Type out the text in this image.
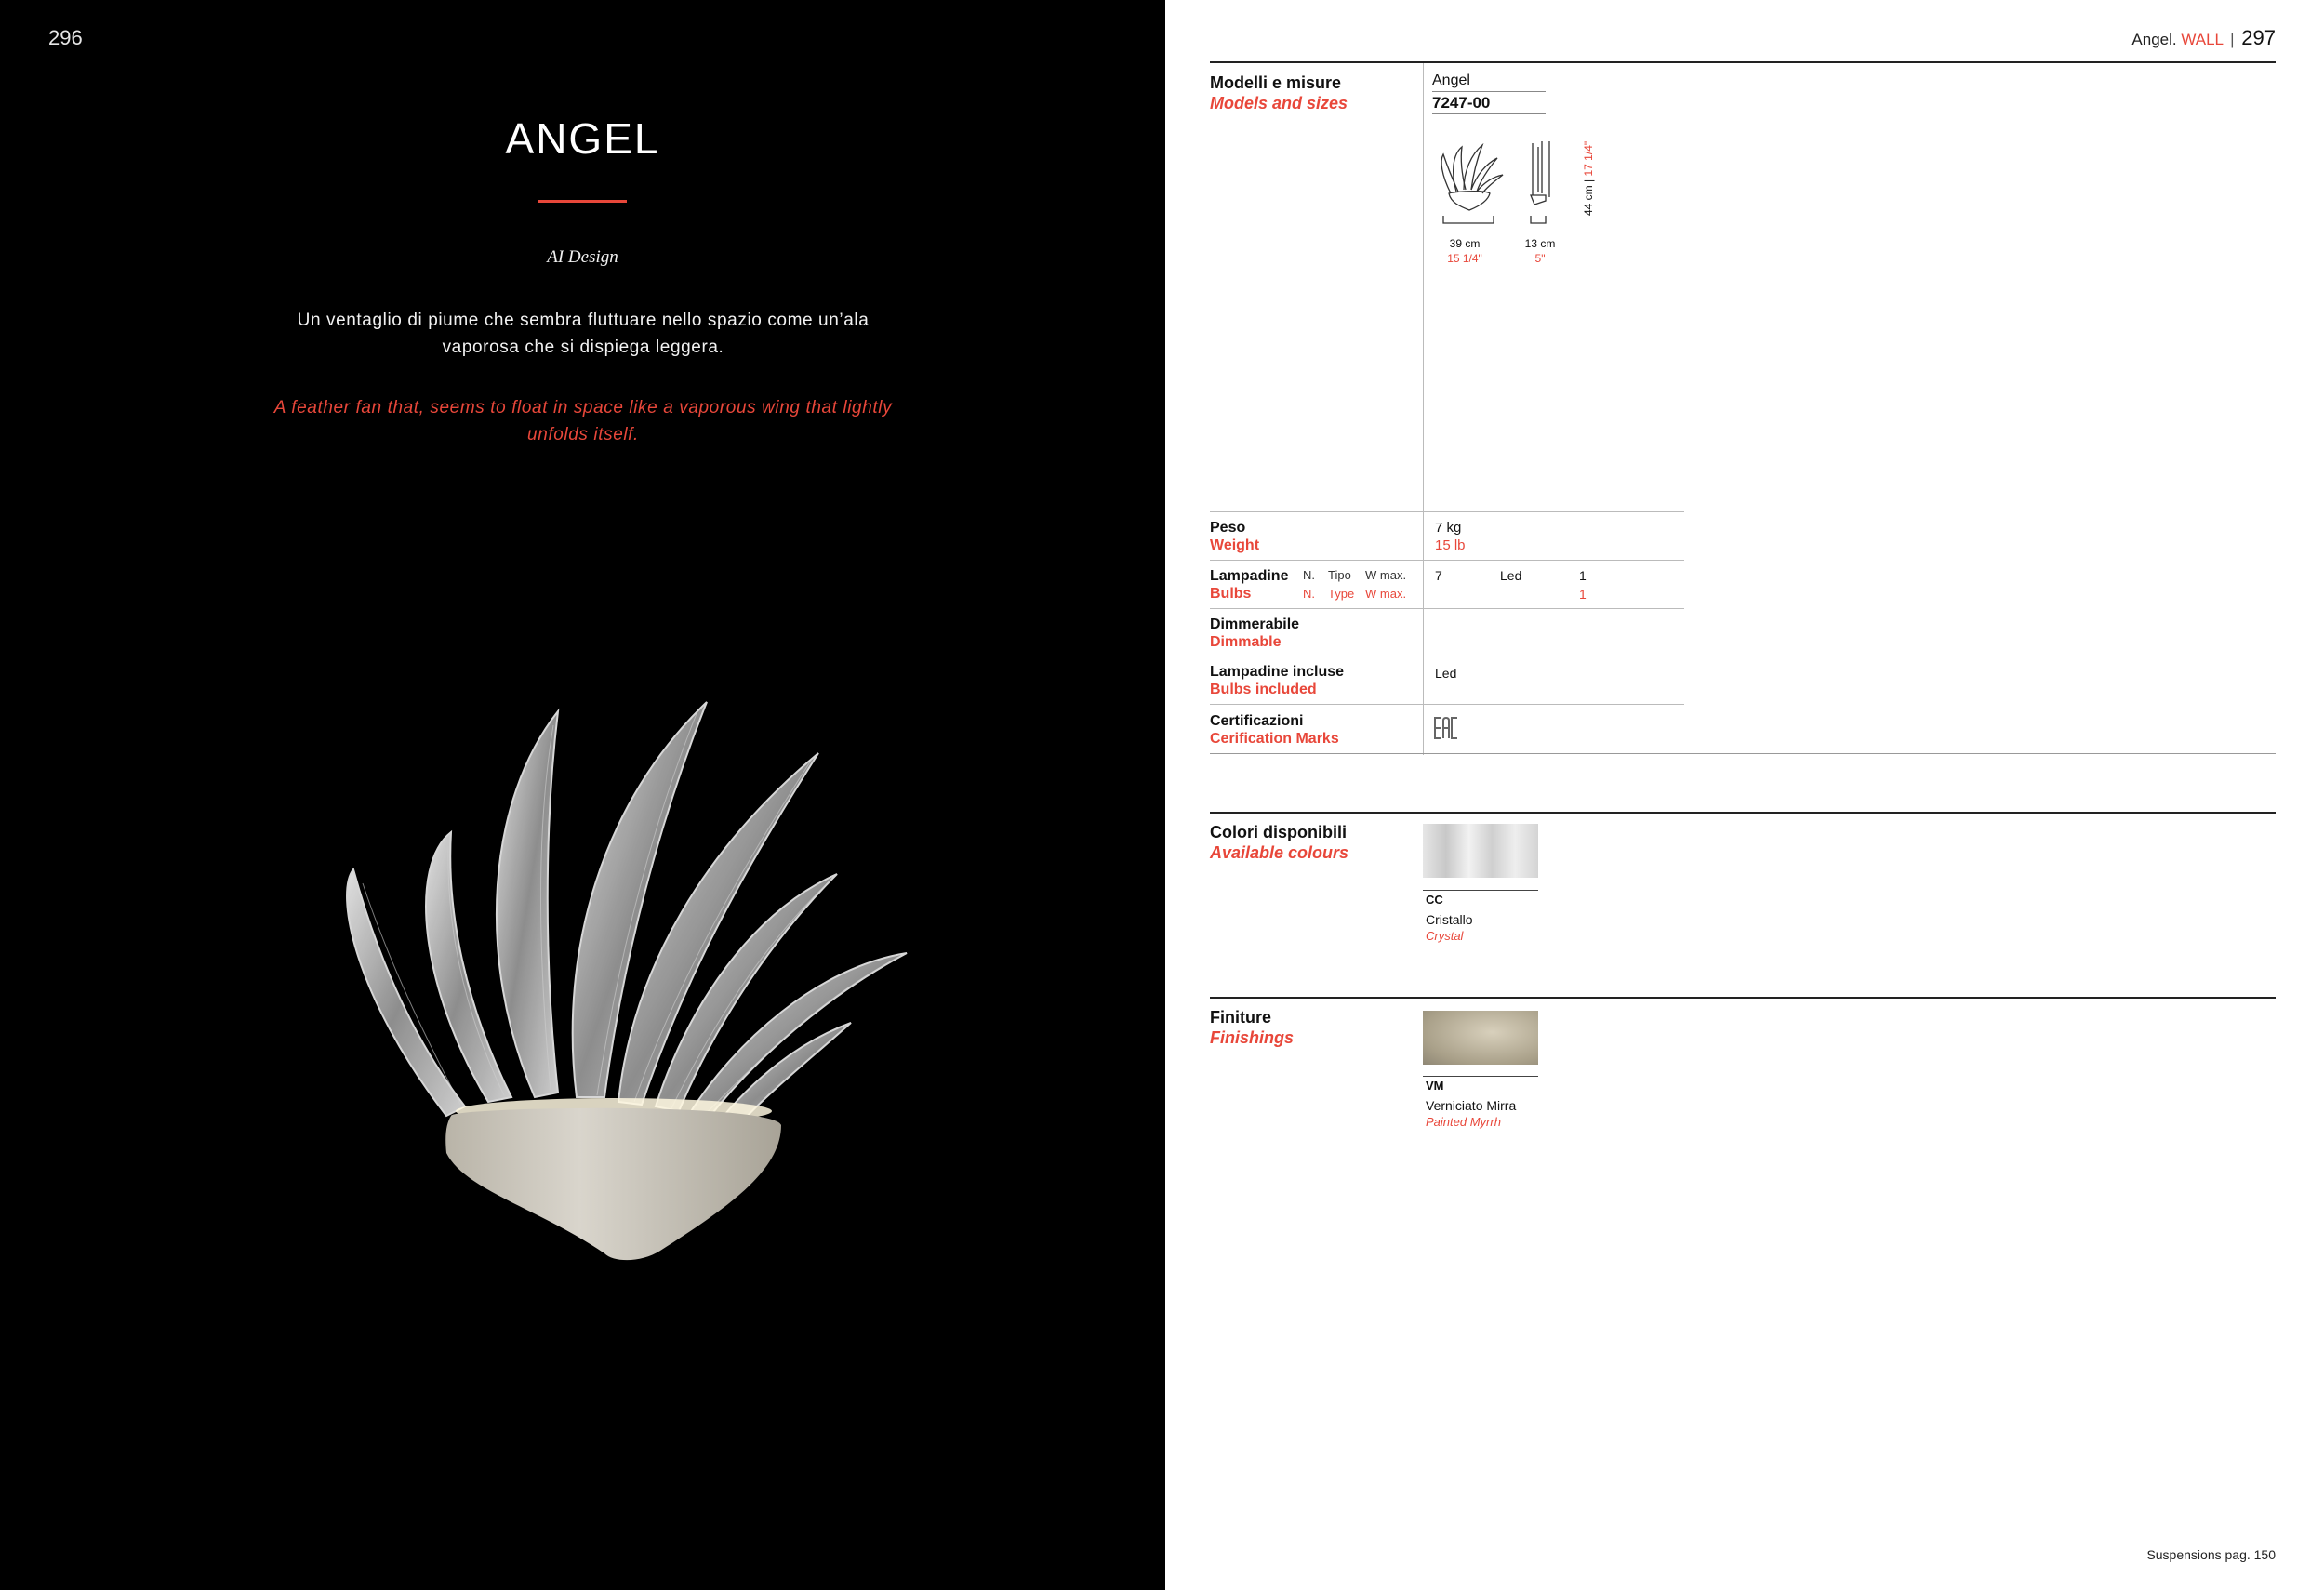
296
ANGEL
AI Design

Un ventaglio di piume che sembra fluttuare nello spazio come un’ala vaporosa che si dispiega leggera.

A feather fan that, seems to float in space like a vaporous wing that lightly unfolds itself.

Angel. WALL | 297
Modelli e misure
Models and sizes
Angel
7247-00
39 cm
15 1/4"
13 cm
5"
44 cm | 17 1/4"
Peso
Weight
7 kg
15 lb
Lampadine
Bulbs
N.
N.
Tipo
Type
W max.
W max.
7	Led	1
1
Dimmerabile
Dimmable
Lampadine incluse
Bulbs included
Led
Certificazioni
Cerification Marks
Colori disponibili
Available colours
CC
Cristallo
Crystal
Finiture
Finishings
VM
Verniciato Mirra
Painted Myrrh
Suspensions pag. 150
